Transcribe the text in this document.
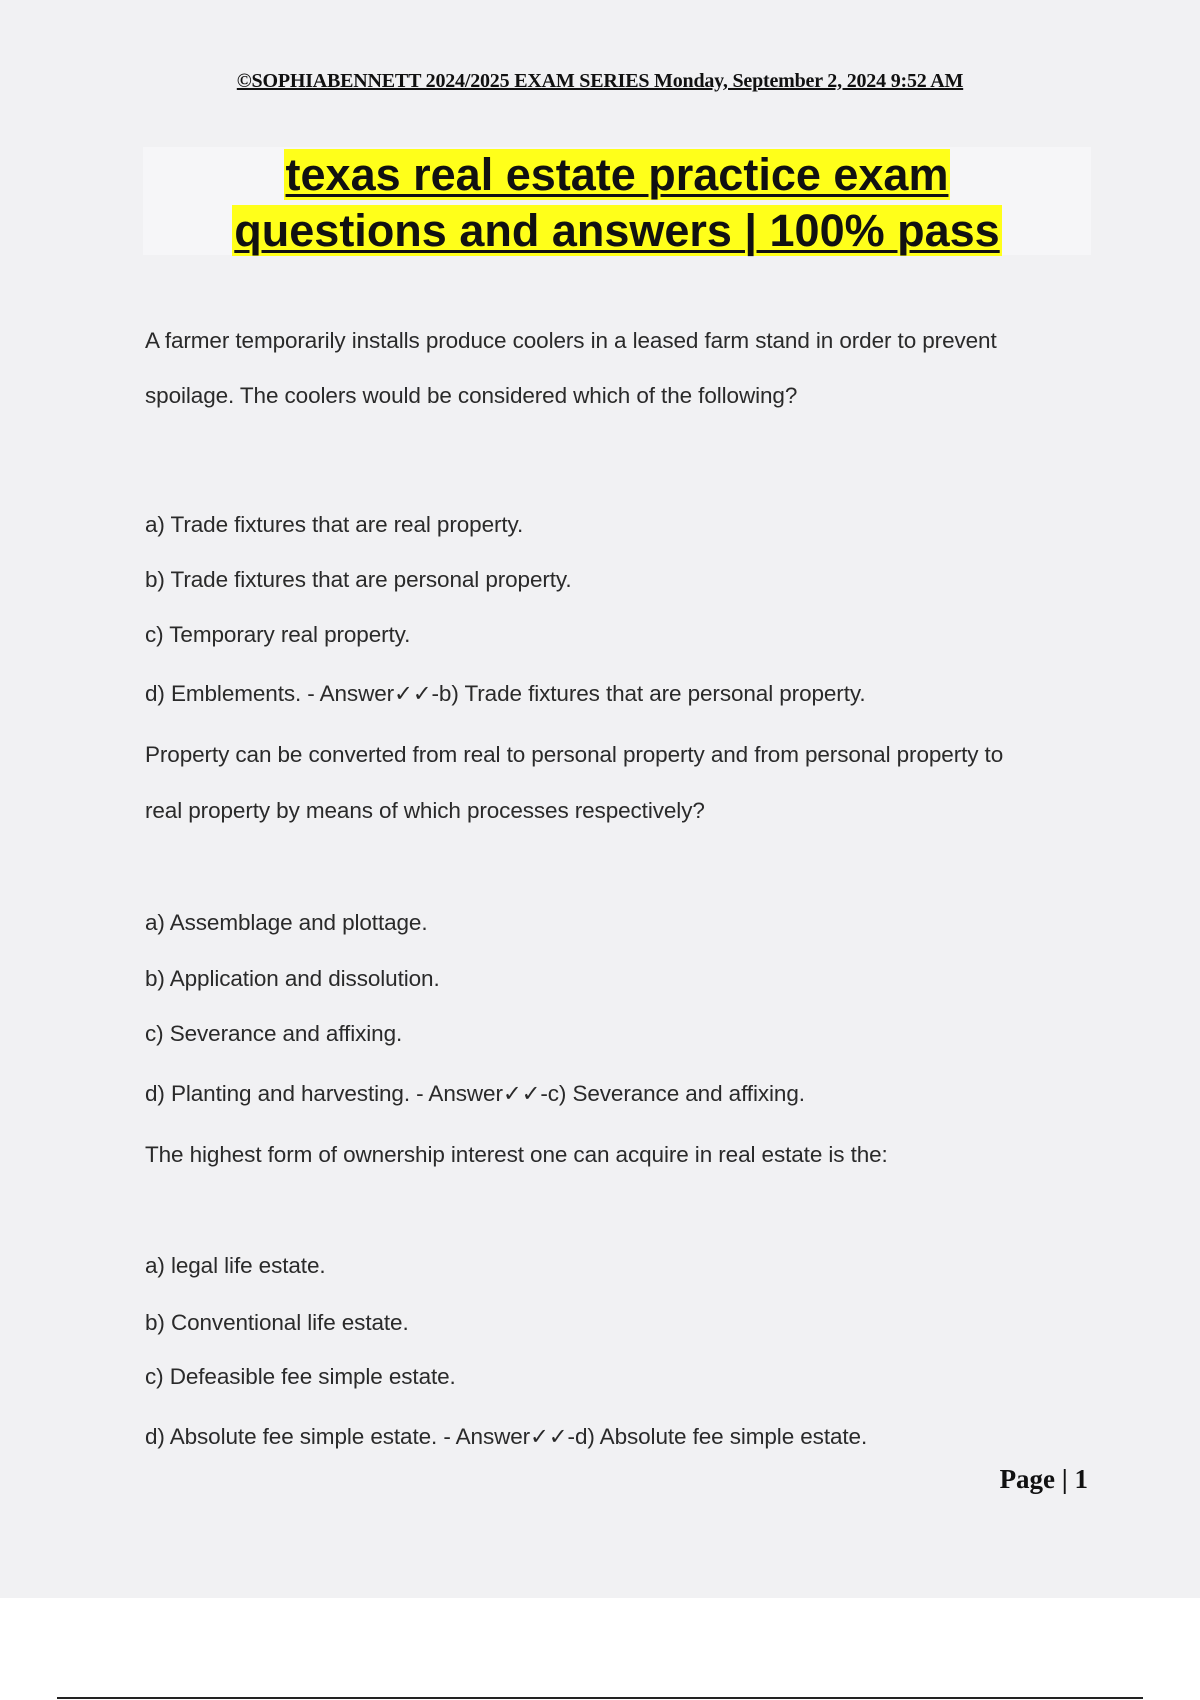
©SOPHIABENNETT 2024/2025 EXAM SERIES Monday, September 2, 2024 9:52 AM
texas real estate practice exam
questions and answers | 100% pass
A farmer temporarily installs produce coolers in a leased farm stand in order to prevent
spoilage. The coolers would be considered which of the following?
a) Trade fixtures that are real property.
b) Trade fixtures that are personal property.
c) Temporary real property.
d) Emblements. - Answer✓✓-b) Trade fixtures that are personal property.
Property can be converted from real to personal property and from personal property to
real property by means of which processes respectively?
a) Assemblage and plottage.
b) Application and dissolution.
c) Severance and affixing.
d) Planting and harvesting. - Answer✓✓-c) Severance and affixing.
The highest form of ownership interest one can acquire in real estate is the:
a) legal life estate.
b) Conventional life estate.
c) Defeasible fee simple estate.
d) Absolute fee simple estate. - Answer✓✓-d) Absolute fee simple estate.
Page | 1
